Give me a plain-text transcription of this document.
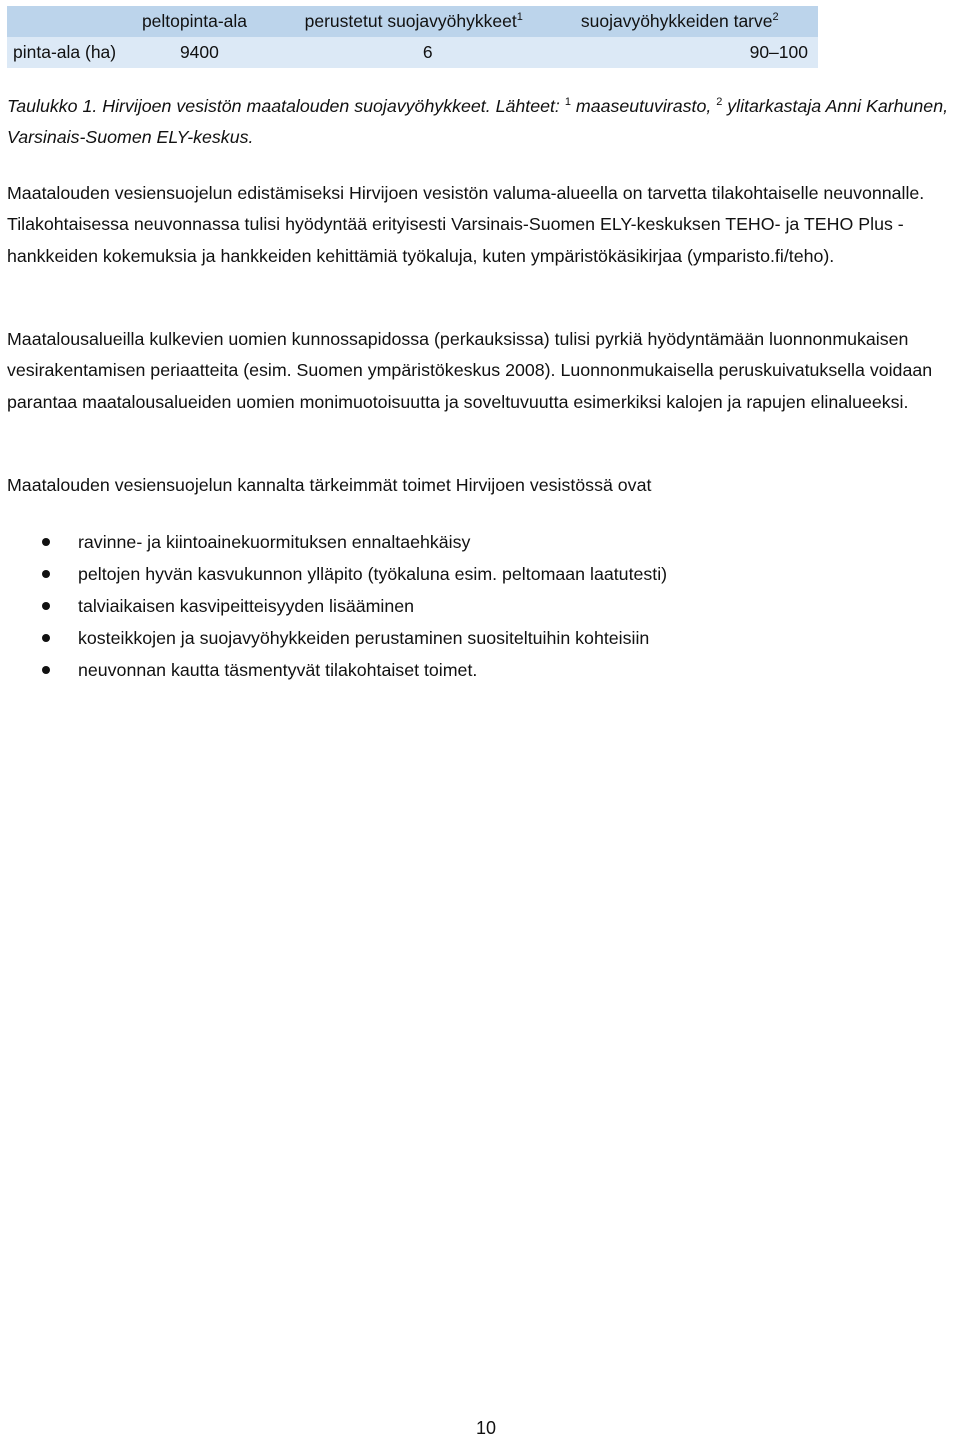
	peltopinta-ala	perustetut suojavyöhykkeet$^1$	suojavyöhykkeiden tarve$^2$
pinta-ala (ha)	9400	6	90–100

Taulukko 1. Hirvijoen vesistön maatalouden suojavyöhykkeet. Lähteet: $^1$ maaseutuvirasto, $^2$ ylitarkastaja Anni Karhunen, Varsinais-Suomen ELY-keskus.

Maatalouden vesiensuojelun edistämiseksi Hirvijoen vesistön valuma-alueella on tarvetta tilakohtaiselle neuvonnalle. Tilakohtaisessa neuvonnassa tulisi hyödyntää erityisesti Varsinais-Suomen ELY-keskuksen TEHO- ja TEHO Plus -hankkeiden kokemuksia ja hankkeiden kehittämiä työkaluja, kuten ympäristökäsikirjaa (ymparisto.fi/teho).

Maatalousalueilla kulkevien uomien kunnossapidossa (perkauksissa) tulisi pyrkiä hyödyntämään luonnonmukaisen vesirakentamisen periaatteita (esim. Suomen ympäristökeskus 2008). Luonnonmukaisella peruskuivatuksella voidaan parantaa maatalousalueiden uomien monimuotoisuutta ja soveltuvuutta esimerkiksi kalojen ja rapujen elinalueeksi.

Maatalouden vesiensuojelun kannalta tärkeimmät toimet Hirvijoen vesistössä ovat

ravinne- ja kiintoainekuormituksen ennaltaehkäisy
peltojen hyvän kasvukunnon ylläpito (työkaluna esim. peltomaan laatutesti)
talviaikaisen kasvipeitteisyyden lisääminen
kosteikkojen ja suojavyöhykkeiden perustaminen suositeltuihin kohteisiin
neuvonnan kautta täsmentyvät tilakohtaiset toimet.
10
